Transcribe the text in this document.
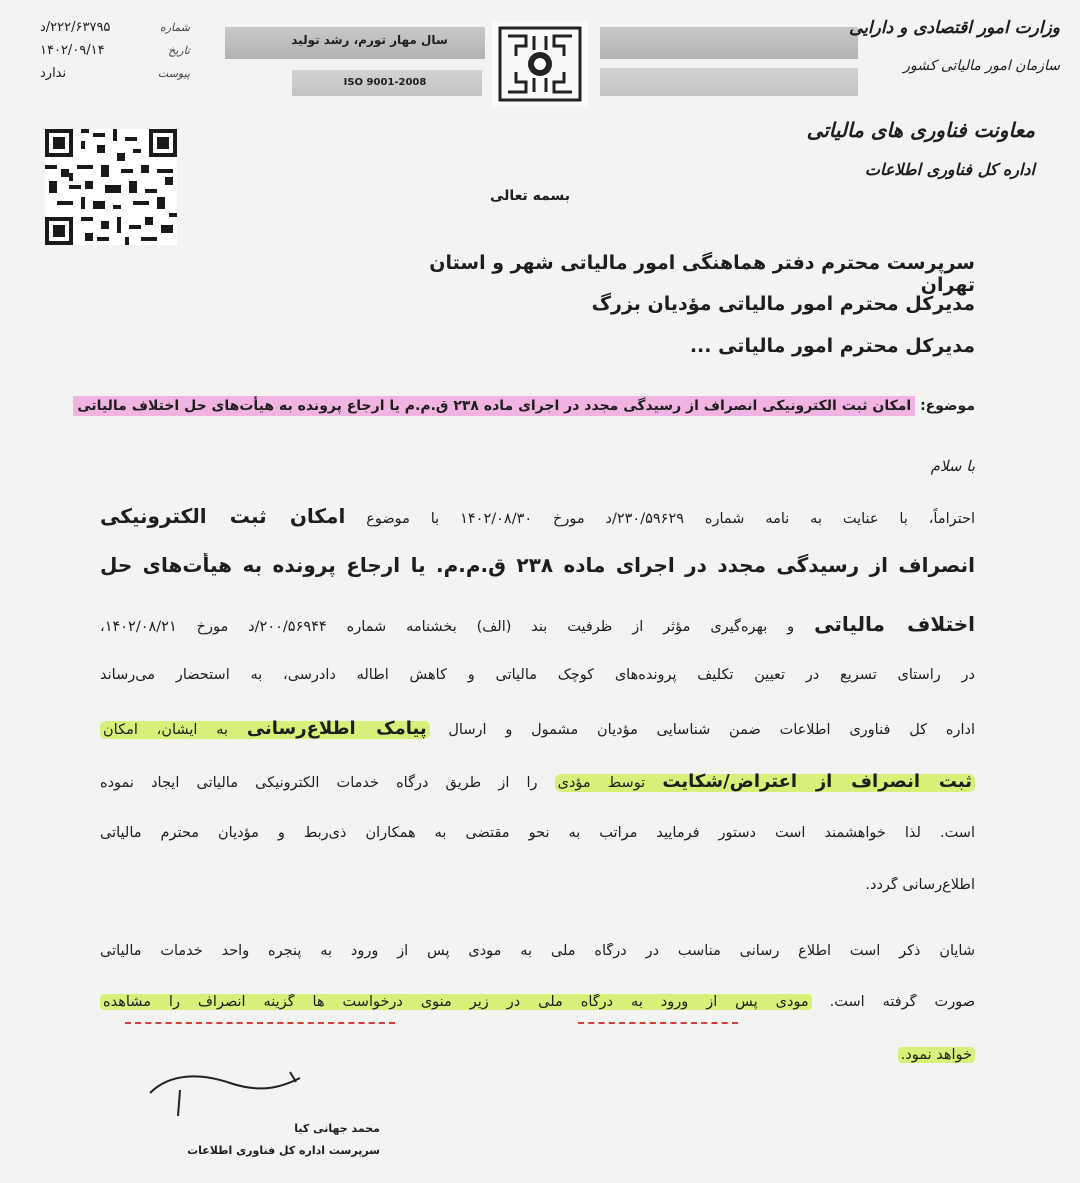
وزارت امور اقتصادی و دارایی
سازمان امور مالیاتی کشور
سال مهار تورم، رشد تولید
ISO 9001-2008
شماره
۲۲۲/۶۳۷۹۵/د
تاریخ
۱۴۰۲/۰۹/۱۴
پیوست
ندارد
معاونت فناوری های مالیاتی
اداره کل فناوری اطلاعات
بسمه تعالی
سرپرست محترم دفتر هماهنگی امور مالیاتی شهر و استان تهران
مدیرکل محترم امور مالیاتی مؤدیان بزرگ
مدیرکل محترم امور مالیاتی ...
موضوع: امکان ثبت الکترونیکی انصراف از رسیدگی مجدد در اجرای ماده ۲۳۸ ق.م.م یا ارجاع پرونده به هیأت‌های حل اختلاف مالیاتی
با سلام
احتراماً، با عنایت به نامه شماره ۲۳۰/۵۹۶۲۹/د مورخ ۱۴۰۲/۰۸/۳۰ با موضوع امکان ثبت الکترونیکی
انصراف از رسیدگی مجدد در اجرای ماده ۲۳۸ ق.م.م. یا ارجاع پرونده به هیأت‌های حل
اختلاف مالیاتی و بهره‌گیری مؤثر از ظرفیت بند (الف) بخشنامه شماره ۲۰۰/۵۶۹۴۴/د مورخ ۱۴۰۲/۰۸/۲۱،
در راستای تسریع در تعیین تکلیف پرونده‌های کوچک مالیاتی و کاهش اطاله دادرسی، به استحضار می‌رساند
اداره کل فناوری اطلاعات ضمن شناسایی مؤدیان مشمول و ارسال پیامک اطلاع‌رسانی به ایشان، امکان
ثبت انصراف از اعتراض/شکایت توسط مؤدی را از طریق درگاه خدمات الکترونیکی مالیاتی ایجاد نموده
است. لذا خواهشمند است دستور فرمایید مراتب به نحو مقتضی به همکاران ذی‌ربط و مؤدیان محترم مالیاتی
اطلاع‌رسانی گردد.
شایان ذکر است اطلاع رسانی مناسب در درگاه ملی به مودی پس از ورود به پنجره واحد خدمات مالیاتی
صورت گرفته است. مودی پس از ورود به درگاه ملی در زیر منوی درخواست ها گزینه انصراف را مشاهده
خواهد نمود.
محمد جهانی کیا
سرپرست اداره کل فناوری اطلاعات
